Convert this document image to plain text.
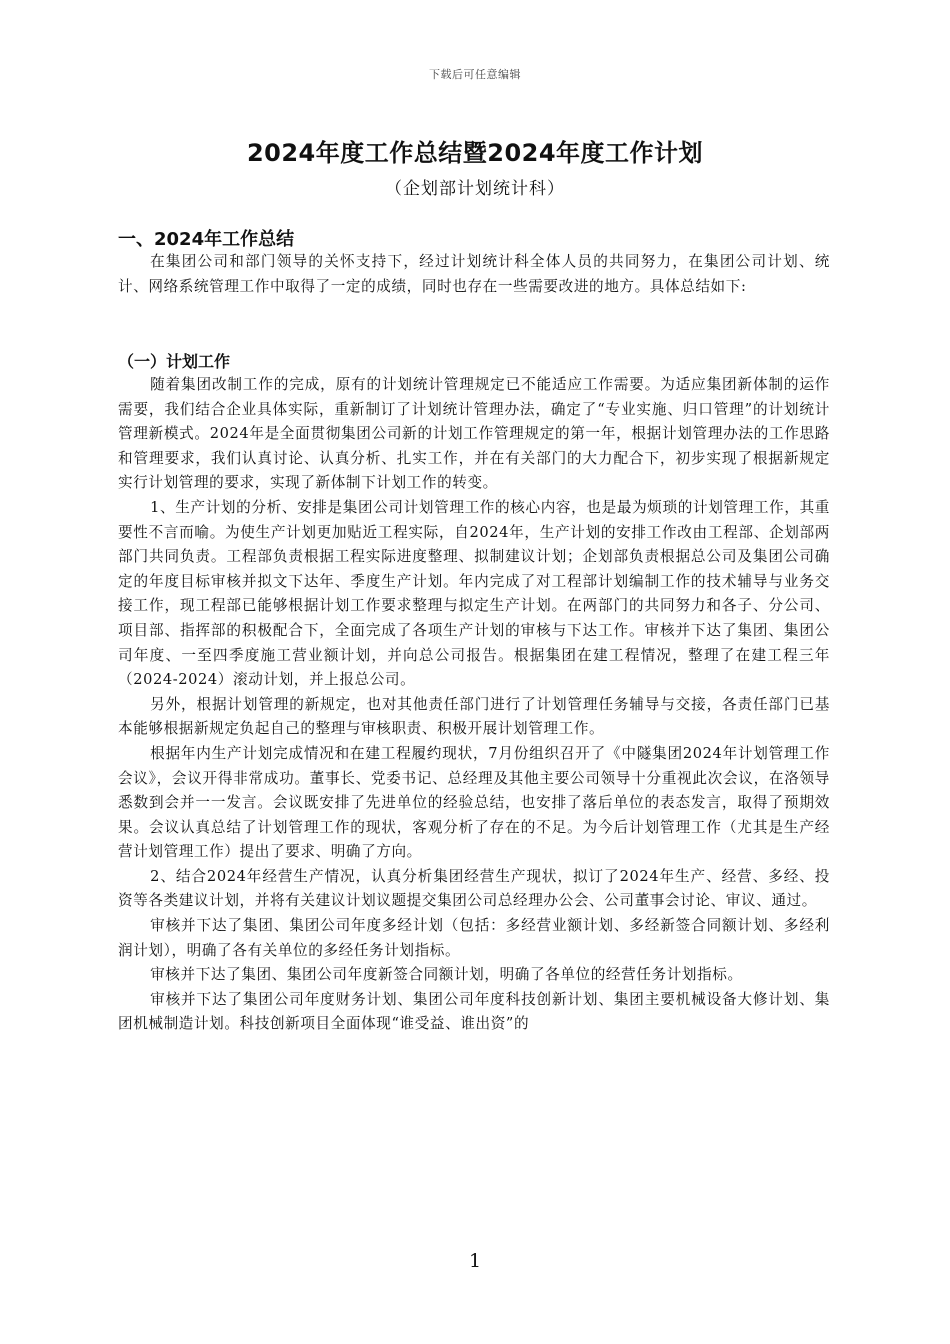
下载后可任意编辑
2024年度工作总结暨2024年度工作计划
（企划部计划统计科）
一、2024年工作总结

在集团公司和部门领导的关怀支持下，经过计划统计科全体人员的共同努力，在集团公司计划、统计、网络系统管理工作中取得了一定的成绩，同时也存在一些需要改进的地方。具体总结如下:

（一）计划工作

随着集团改制工作的完成，原有的计划统计管理规定已不能适应工作需要。为适应集团新体制的运作需要，我们结合企业具体实际，重新制订了计划统计管理办法，确定了“专业实施、归口管理”的计划统计管理新模式。2024年是全面贯彻集团公司新的计划工作管理规定的第一年，根据计划管理办法的工作思路和管理要求，我们认真讨论、认真分析、扎实工作，并在有关部门的大力配合下，初步实现了根据新规定实行计划管理的要求，实现了新体制下计划工作的转变。

1、生产计划的分析、安排是集团公司计划管理工作的核心内容，也是最为烦琐的计划管理工作，其重要性不言而喻。为使生产计划更加贴近工程实际，自2024年，生产计划的安排工作改由工程部、企划部两部门共同负责。工程部负责根据工程实际进度整理、拟制建议计划；企划部负责根据总公司及集团公司确定的年度目标审核并拟文下达年、季度生产计划。年内完成了对工程部计划编制工作的技术辅导与业务交接工作，现工程部已能够根据计划工作要求整理与拟定生产计划。在两部门的共同努力和各子、分公司、项目部、指挥部的积极配合下，全面完成了各项生产计划的审核与下达工作。审核并下达了集团、集团公司年度、一至四季度施工营业额计划，并向总公司报告。根据集团在建工程情况，整理了在建工程三年（2024-2024）滚动计划，并上报总公司。

另外，根据计划管理的新规定，也对其他责任部门进行了计划管理任务辅导与交接，各责任部门已基本能够根据新规定负起自己的整理与审核职责、积极开展计划管理工作。

根据年内生产计划完成情况和在建工程履约现状，7月份组织召开了《中隧集团2024年计划管理工作会议》，会议开得非常成功。董事长、党委书记、总经理及其他主要公司领导十分重视此次会议，在洛领导悉数到会并一一发言。会议既安排了先进单位的经验总结，也安排了落后单位的表态发言，取得了预期效果。会议认真总结了计划管理工作的现状，客观分析了存在的不足。为今后计划管理工作（尤其是生产经营计划管理工作）提出了要求、明确了方向。

2、结合2024年经营生产情况，认真分析集团经营生产现状，拟订了2024年生产、经营、多经、投资等各类建议计划，并将有关建议计划议题提交集团公司总经理办公会、公司董事会讨论、审议、通过。

审核并下达了集团、集团公司年度多经计划（包括：多经营业额计划、多经新签合同额计划、多经利润计划），明确了各有关单位的多经任务计划指标。

审核并下达了集团、集团公司年度新签合同额计划，明确了各单位的经营任务计划指标。

审核并下达了集团公司年度财务计划、集团公司年度科技创新计划、集团主要机械设备大修计划、集团机械制造计划。科技创新项目全面体现“谁受益、谁出资”的

1
